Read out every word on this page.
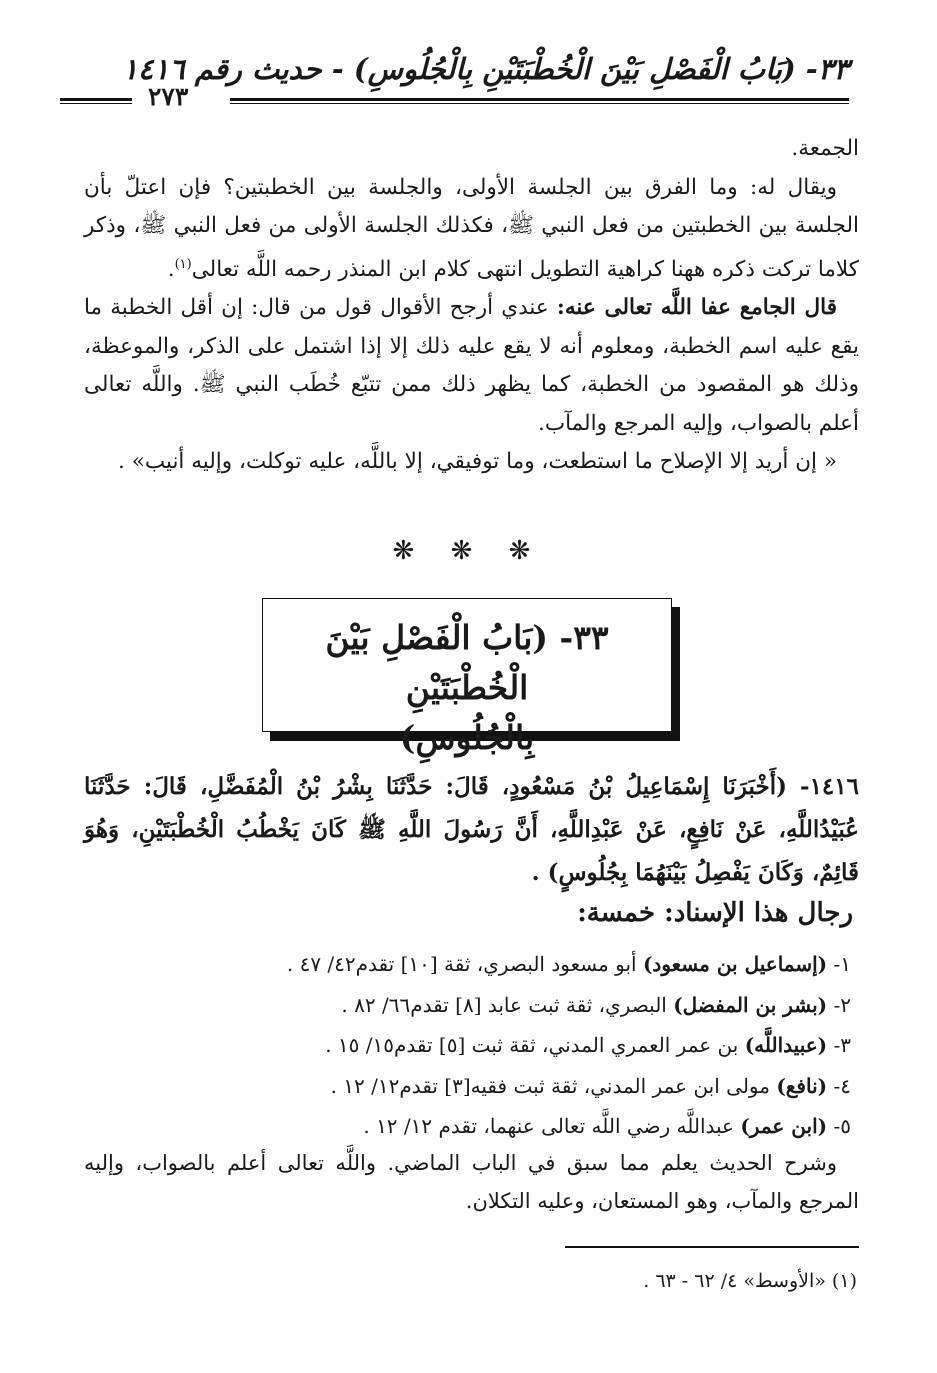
٣٣- (بَابُ الْفَصْلِ بَيْنَ الْخُطْبَتَيْنِ بِالْجُلُوسِ) - حديث رقم ١٤١٦
٢٧٣

الجمعة.

ويقال له: وما الفرق بين الجلسة الأولى، والجلسة بين الخطبتين؟ فإن اعتلّ بأن الجلسة بين الخطبتين من فعل النبي ﷺ، فكذلك الجلسة الأولى من فعل النبي ﷺ، وذكر كلاما تركت ذكره ههنا كراهية التطويل انتهى كلام ابن المنذر رحمه اللَّه تعالى$^{(١)}$.

قال الجامع عفا اللَّه تعالى عنه: عندي أرجح الأقوال قول من قال: إن أقل الخطبة ما يقع عليه اسم الخطبة، ومعلوم أنه لا يقع عليه ذلك إلا إذا اشتمل على الذكر، والموعظة، وذلك هو المقصود من الخطبة، كما يظهر ذلك ممن تتبّع خُطَب النبي ﷺ. واللَّه تعالى أعلم بالصواب، وإليه المرجع والمآب.

« إن أريد إلا الإصلاح ما استطعت، وما توفيقي، إلا باللَّه، عليه توكلت، وإليه أنيب» .

❋ ❋ ❋
٣٣- (بَابُ الْفَصْلِ بَيْنَ الْخُطْبَتَيْنِ
بِالْجُلُوسِ)
١٤١٦- (أَخْبَرَنَا إِسْمَاعِيلُ بْنُ مَسْعُودٍ، قَالَ: حَدَّثَنَا بِشْرُ بْنُ الْمُفَضَّلِ، قَالَ: حَدَّثَنَا عُبَيْدُاللَّهِ، عَنْ نَافِعٍ، عَنْ عَبْدِاللَّهِ، أَنَّ رَسُولَ اللَّهِ ﷺ كَانَ يَخْطُبُ الْخُطْبَتَيْنِ، وَهُوَ قَائِمٌ، وَكَانَ يَفْصِلُ بَيْنَهُمَا بِجُلُوسٍ) .
رجال هذا الإسناد: خمسة:
١- (إسماعيل بن مسعود) أبو مسعود البصري، ثقة [١٠] تقدم٤٢/ ٤٧ .
٢- (بشر بن المفضل) البصري، ثقة ثبت عابد [٨] تقدم٦٦/ ٨٢ .
٣- (عبيداللَّه) بن عمر العمري المدني، ثقة ثبت [٥] تقدم١٥/ ١٥ .
٤- (نافع) مولى ابن عمر المدني، ثقة ثبت فقيه[٣] تقدم١٢/ ١٢ .
٥- (ابن عمر) عبداللَّه رضي اللَّه تعالى عنهما، تقدم ١٢/ ١٢ .
وشرح الحديث يعلم مما سبق في الباب الماضي. واللَّه تعالى أعلم بالصواب، وإليه المرجع والمآب، وهو المستعان، وعليه التكلان.
(١) «الأوسط» ٤/ ٦٢ - ٦٣ .
